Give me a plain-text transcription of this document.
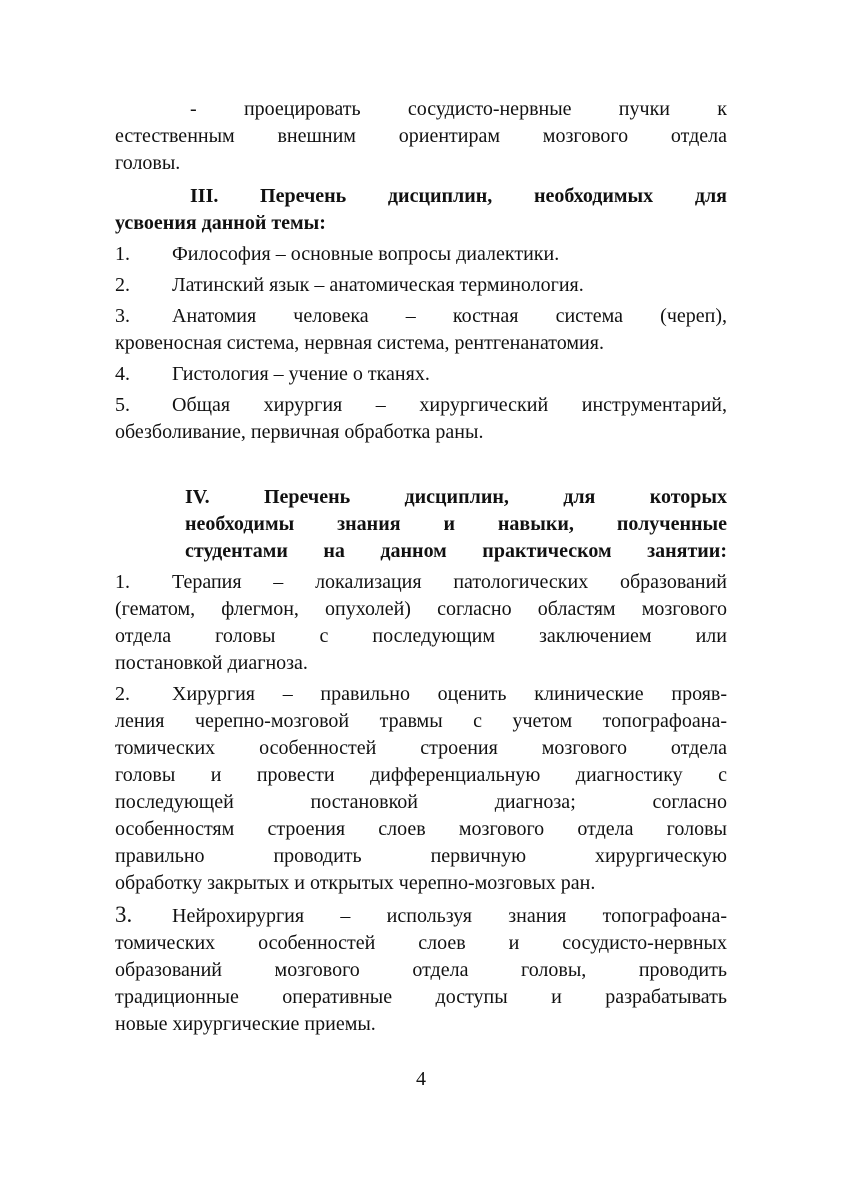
- проецировать сосудисто-нервные пучки к

естественным внешним ориентирам мозгового отдела

головы.

III. Перечень дисциплин, необходимых для

усвоения данной темы:

1. Философия – основные вопросы диалектики.

2. Латинский язык – анатомическая терминология.

3. Анатомия человека – костная система (череп),

кровеносная система, нервная система, рентгенанатомия.

4. Гистология – учение о тканях.

5. Общая хирургия – хирургический инструментарий,

обезболивание, первичная обработка раны.

IV. Перечень дисциплин, для которых

необходимы знания и навыки, полученные

студентами на данном практическом занятии:

1. Терапия – локализация патологических образований

(гематом, флегмон, опухолей) согласно областям мозгового

отдела головы с последующим заключением или

постановкой диагноза.

2. Хирургия – правильно оценить клинические прояв-

ления черепно-мозговой травмы с учетом топографоана-

томических особенностей строения мозгового отдела

головы и провести дифференциальную диагностику с

последующей постановкой диагноза; согласно

особенностям строения слоев мозгового отдела головы

правильно проводить первичную хирургическую

обработку закрытых и открытых черепно-мозговых ран.

3. Нейрохирургия – используя знания топографоана-

томических особенностей слоев и сосудисто-нервных

образований мозгового отдела головы, проводить

традиционные оперативные доступы и разрабатывать

новые хирургические приемы.

4
